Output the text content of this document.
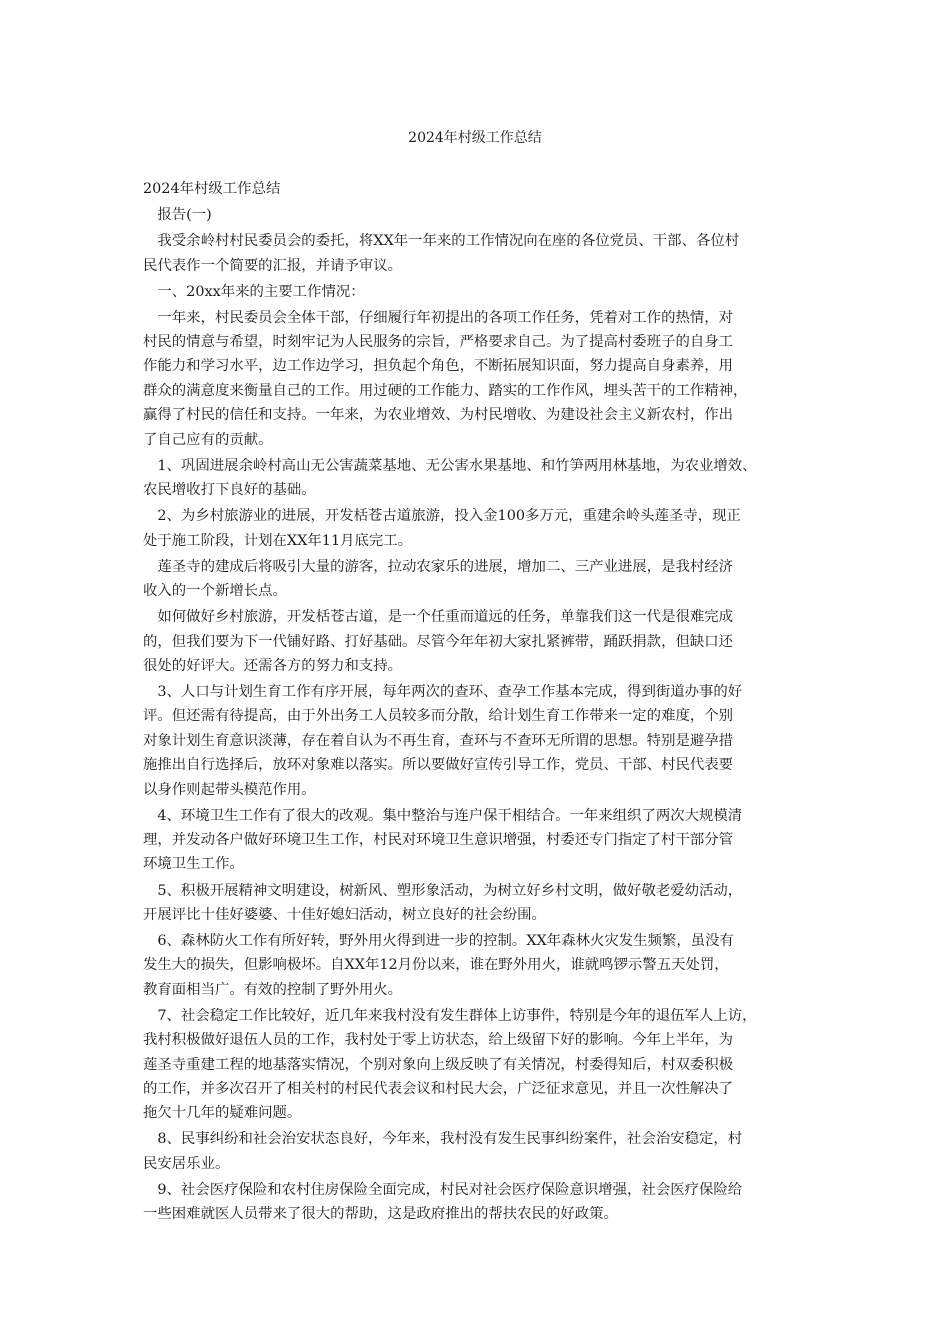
2024年村级工作总结
2024年村级工作总结
　报告(一)
　我受余岭村村民委员会的委托，将XX年一年来的工作情况向在座的各位党员、干部、各位村
民代表作一个简要的汇报，并请予审议。
　一、20xx年来的主要工作情况：
　一年来，村民委员会全体干部，仔细履行年初提出的各项工作任务，凭着对工作的热情，对
村民的情意与希望，时刻牢记为人民服务的宗旨，严格要求自己。为了提高村委班子的自身工
作能力和学习水平，边工作边学习，担负起个角色，不断拓展知识面，努力提高自身素养，用
群众的满意度来衡量自己的工作。用过硬的工作能力、踏实的工作作风，埋头苦干的工作精神，
赢得了村民的信任和支持。一年来，为农业增效、为村民增收、为建设社会主义新农村，作出
了自己应有的贡献。
　1、巩固进展余岭村高山无公害蔬菜基地、无公害水果基地、和竹笋两用林基地，为农业增效、
农民增收打下良好的基础。
　2、为乡村旅游业的进展，开发栝苍古道旅游，投入金100多万元，重建余岭头莲圣寺，现正
处于施工阶段，计划在XX年11月底完工。
　莲圣寺的建成后将吸引大量的游客，拉动农家乐的进展，增加二、三产业进展，是我村经济
收入的一个新增长点。
　如何做好乡村旅游，开发栝苍古道，是一个任重而道远的任务，单靠我们这一代是很难完成
的，但我们要为下一代铺好路、打好基础。尽管今年年初大家扎紧裤带，踊跃捐款，但缺口还
很处的好评大。还需各方的努力和支持。
　3、人口与计划生育工作有序开展，每年两次的查环、查孕工作基本完成，得到街道办事的好
评。但还需有待提高，由于外出务工人员较多而分散，给计划生育工作带来一定的难度，个别
对象计划生育意识淡薄，存在着自认为不再生育，查环与不查环无所谓的思想。特别是避孕措
施推出自行选择后，放环对象难以落实。所以要做好宣传引导工作，党员、干部、村民代表要
以身作则起带头模范作用。
　4、环境卫生工作有了很大的改观。集中整治与连户保干相结合。一年来组织了两次大规模清
理，并发动各户做好环境卫生工作，村民对环境卫生意识增强，村委还专门指定了村干部分管
环境卫生工作。
　5、积极开展精神文明建设，树新风、塑形象活动，为树立好乡村文明，做好敬老爱幼活动，
开展评比十佳好婆婆、十佳好媳妇活动，树立良好的社会纷围。
　6、森林防火工作有所好转，野外用火得到进一步的控制。XX年森林火灾发生频繁，虽没有
发生大的损失，但影响极坏。自XX年12月份以来，谁在野外用火，谁就鸣锣示警五天处罚，
教育面相当广。有效的控制了野外用火。
　7、社会稳定工作比较好，近几年来我村没有发生群体上访事件，特别是今年的退伍军人上访，
我村积极做好退伍人员的工作，我村处于零上访状态，给上级留下好的影响。今年上半年，为
莲圣寺重建工程的地基落实情况，个别对象向上级反映了有关情况，村委得知后，村双委积极
的工作，并多次召开了相关村的村民代表会议和村民大会，广泛征求意见，并且一次性解决了
拖欠十几年的疑难问题。
　8、民事纠纷和社会治安状态良好，今年来，我村没有发生民事纠纷案件，社会治安稳定，村
民安居乐业。
　9、社会医疗保险和农村住房保险全面完成，村民对社会医疗保险意识增强，社会医疗保险给
一些困难就医人员带来了很大的帮助，这是政府推出的帮扶农民的好政策。
